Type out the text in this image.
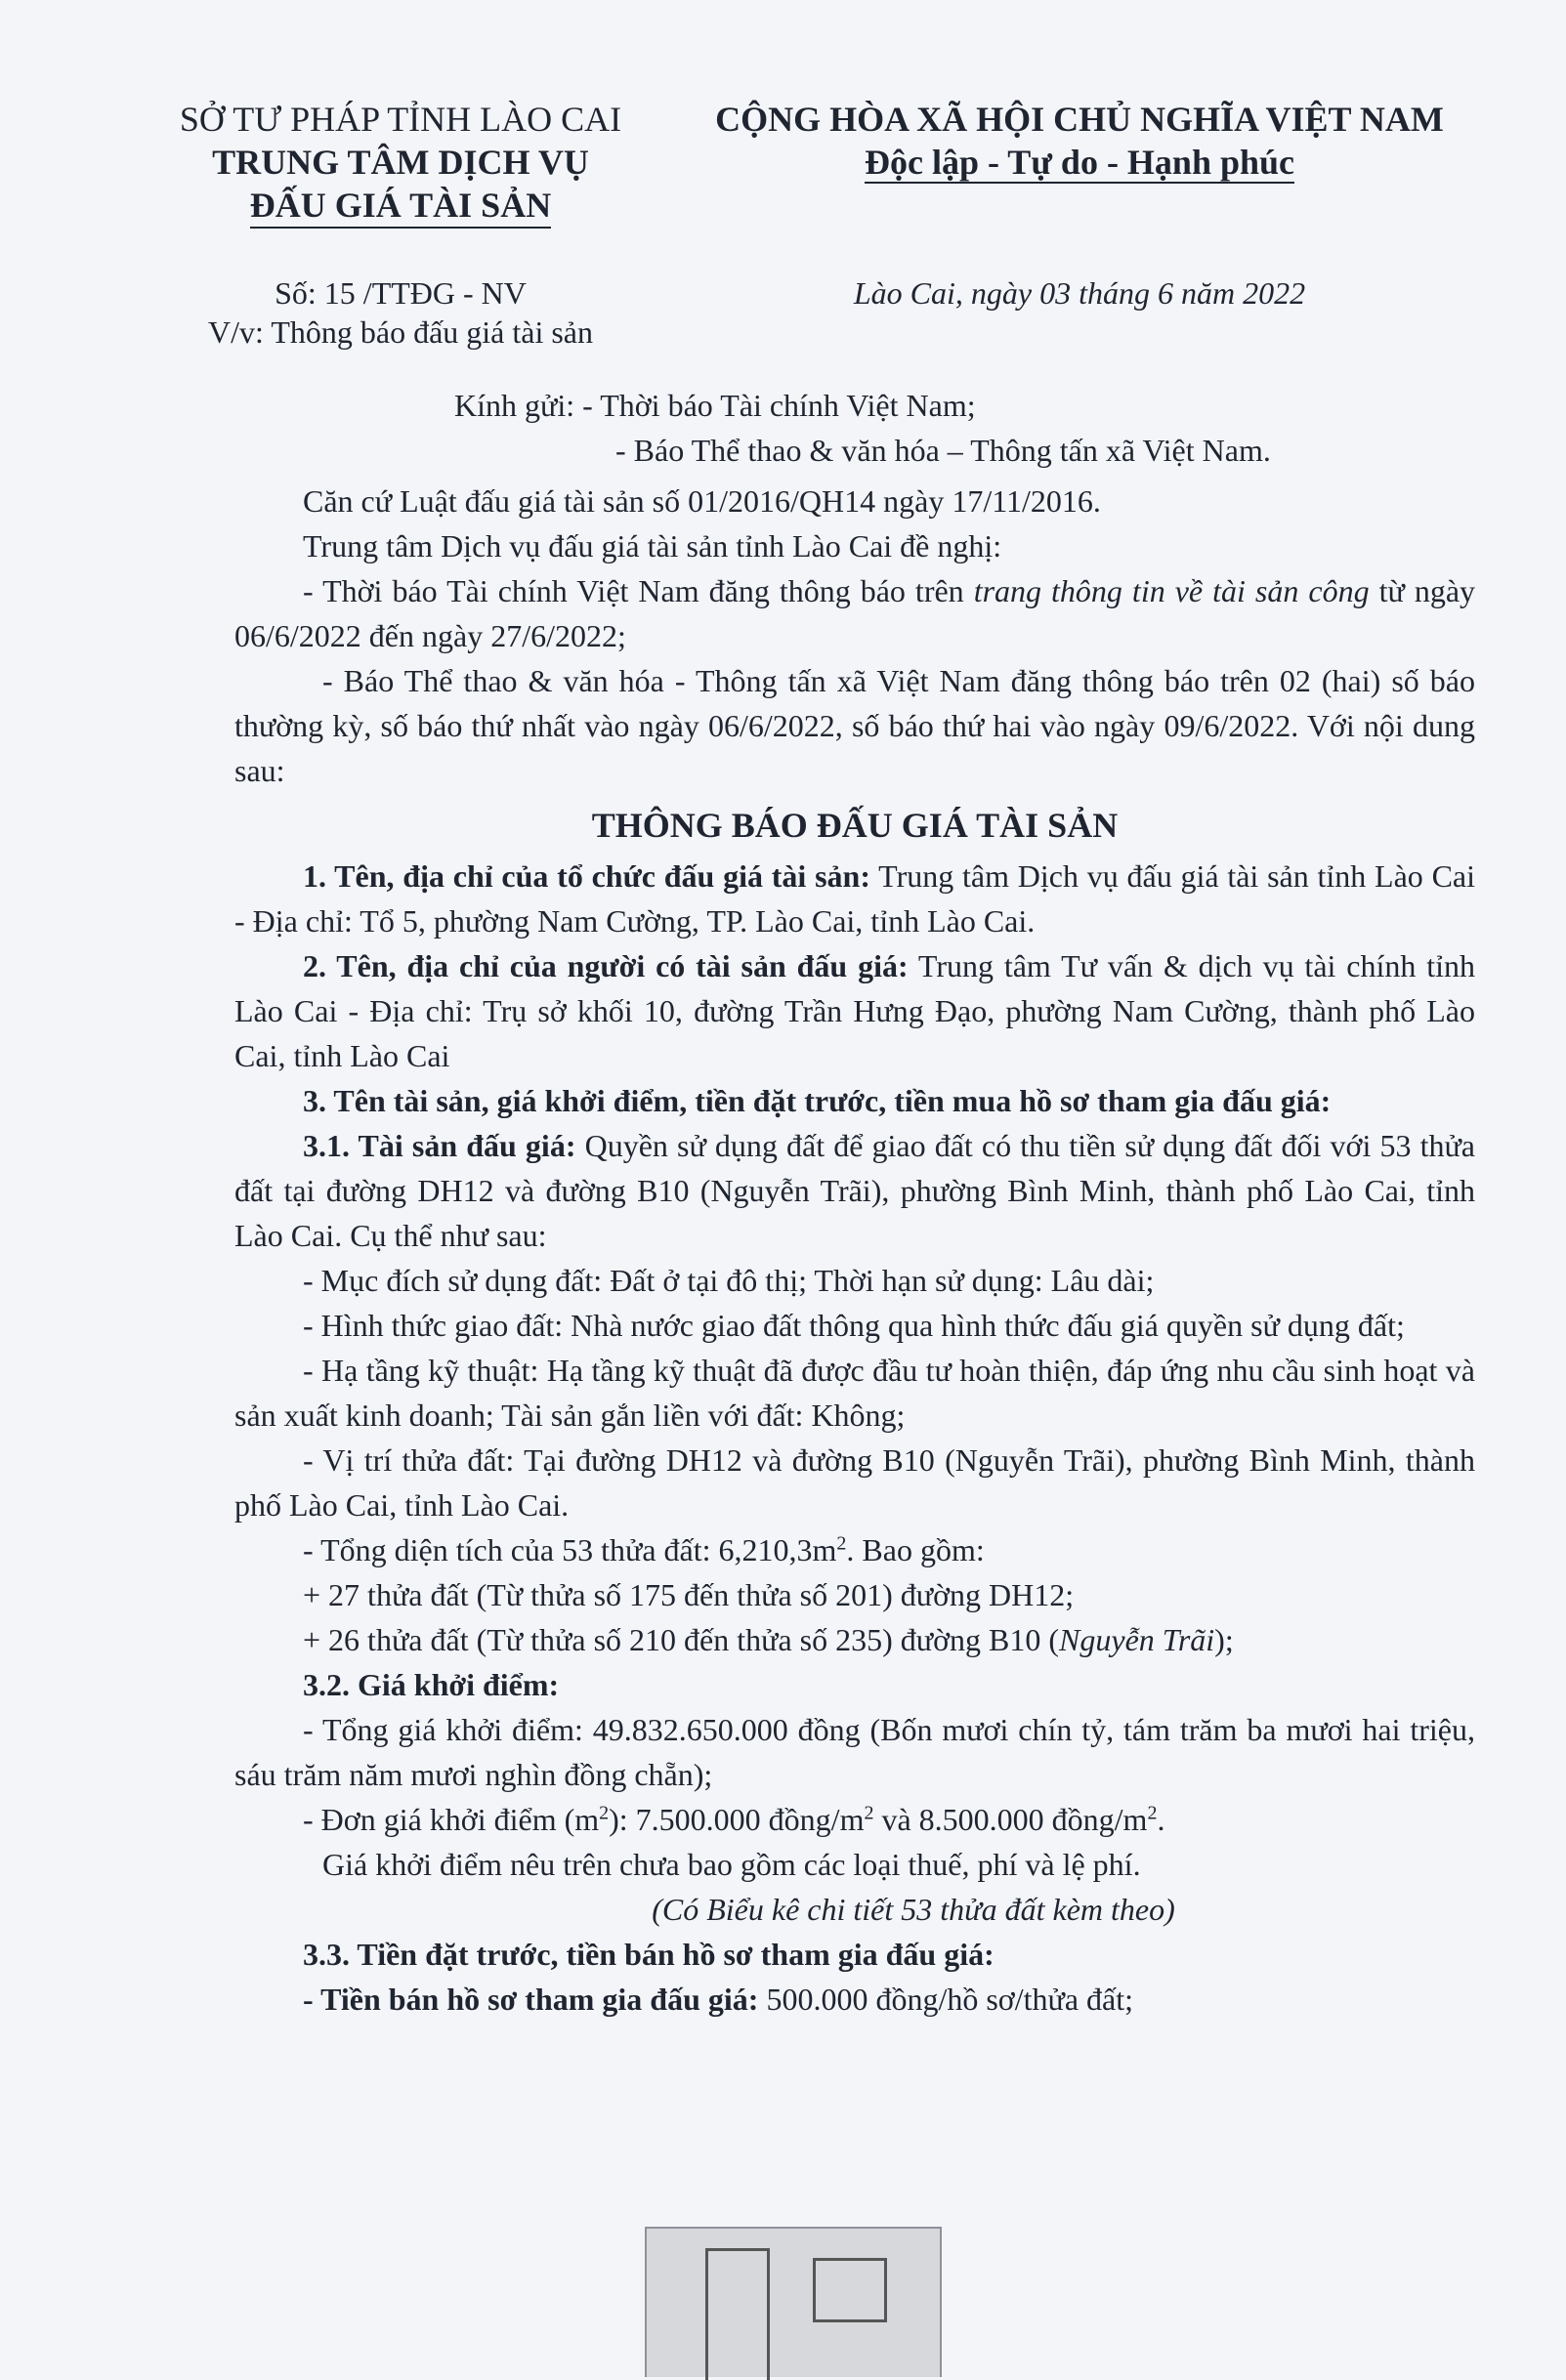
SỞ TƯ PHÁP TỈNH LÀO CAI
TRUNG TÂM DỊCH VỤ
ĐẤU GIÁ TÀI SẢN
CỘNG HÒA XÃ HỘI CHỦ NGHĨA VIỆT NAM
Độc lập - Tự do - Hạnh phúc
Số: 15 /TTĐG - NV
V/v: Thông báo đấu giá tài sản
Lào Cai, ngày 03 tháng 6 năm 2022

Kính gửi: - Thời báo Tài chính Việt Nam;

- Báo Thể thao & văn hóa – Thông tấn xã Việt Nam.

Căn cứ Luật đấu giá tài sản số 01/2016/QH14 ngày 17/11/2016.

Trung tâm Dịch vụ đấu giá tài sản tỉnh Lào Cai đề nghị:

- Thời báo Tài chính Việt Nam đăng thông báo trên trang thông tin về tài sản công từ ngày 06/6/2022 đến ngày 27/6/2022;

- Báo Thể thao & văn hóa - Thông tấn xã Việt Nam đăng thông báo trên 02 (hai) số báo thường kỳ, số báo thứ nhất vào ngày 06/6/2022, số báo thứ hai vào ngày 09/6/2022. Với nội dung sau:

THÔNG BÁO ĐẤU GIÁ TÀI SẢN

1. Tên, địa chỉ của tổ chức đấu giá tài sản: Trung tâm Dịch vụ đấu giá tài sản tỉnh Lào Cai - Địa chỉ: Tổ 5, phường Nam Cường, TP. Lào Cai, tỉnh Lào Cai.

2. Tên, địa chỉ của người có tài sản đấu giá: Trung tâm Tư vấn & dịch vụ tài chính tỉnh Lào Cai - Địa chỉ: Trụ sở khối 10, đường Trần Hưng Đạo, phường Nam Cường, thành phố Lào Cai, tỉnh Lào Cai

3. Tên tài sản, giá khởi điểm, tiền đặt trước, tiền mua hồ sơ tham gia đấu giá:

3.1. Tài sản đấu giá: Quyền sử dụng đất để giao đất có thu tiền sử dụng đất đối với 53 thửa đất tại đường DH12 và đường B10 (Nguyễn Trãi), phường Bình Minh, thành phố Lào Cai, tỉnh Lào Cai. Cụ thể như sau:

- Mục đích sử dụng đất: Đất ở tại đô thị; Thời hạn sử dụng: Lâu dài;

- Hình thức giao đất: Nhà nước giao đất thông qua hình thức đấu giá quyền sử dụng đất;

- Hạ tầng kỹ thuật: Hạ tầng kỹ thuật đã được đầu tư hoàn thiện, đáp ứng nhu cầu sinh hoạt và sản xuất kinh doanh; Tài sản gắn liền với đất: Không;

- Vị trí thửa đất: Tại đường DH12 và đường B10 (Nguyễn Trãi), phường Bình Minh, thành phố Lào Cai, tỉnh Lào Cai.

- Tổng diện tích của 53 thửa đất: $6,210,3m^2$. Bao gồm:

+ 27 thửa đất (Từ thửa số 175 đến thửa số 201) đường DH12;

+ 26 thửa đất (Từ thửa số 210 đến thửa số 235) đường B10 (Nguyễn Trãi);

3.2. Giá khởi điểm:

- Tổng giá khởi điểm: 49.832.650.000 đồng (Bốn mươi chín tỷ, tám trăm ba mươi hai triệu, sáu trăm năm mươi nghìn đồng chẵn);

- Đơn giá khởi điểm $(m^2)$: 7.500.000 đồng/$m^2$ và 8.500.000 đồng/$m^2$.

Giá khởi điểm nêu trên chưa bao gồm các loại thuế, phí và lệ phí.

(Có Biểu kê chi tiết 53 thửa đất kèm theo)

3.3. Tiền đặt trước, tiền bán hồ sơ tham gia đấu giá:

- Tiền bán hồ sơ tham gia đấu giá: 500.000 đồng/hồ sơ/thửa đất;
